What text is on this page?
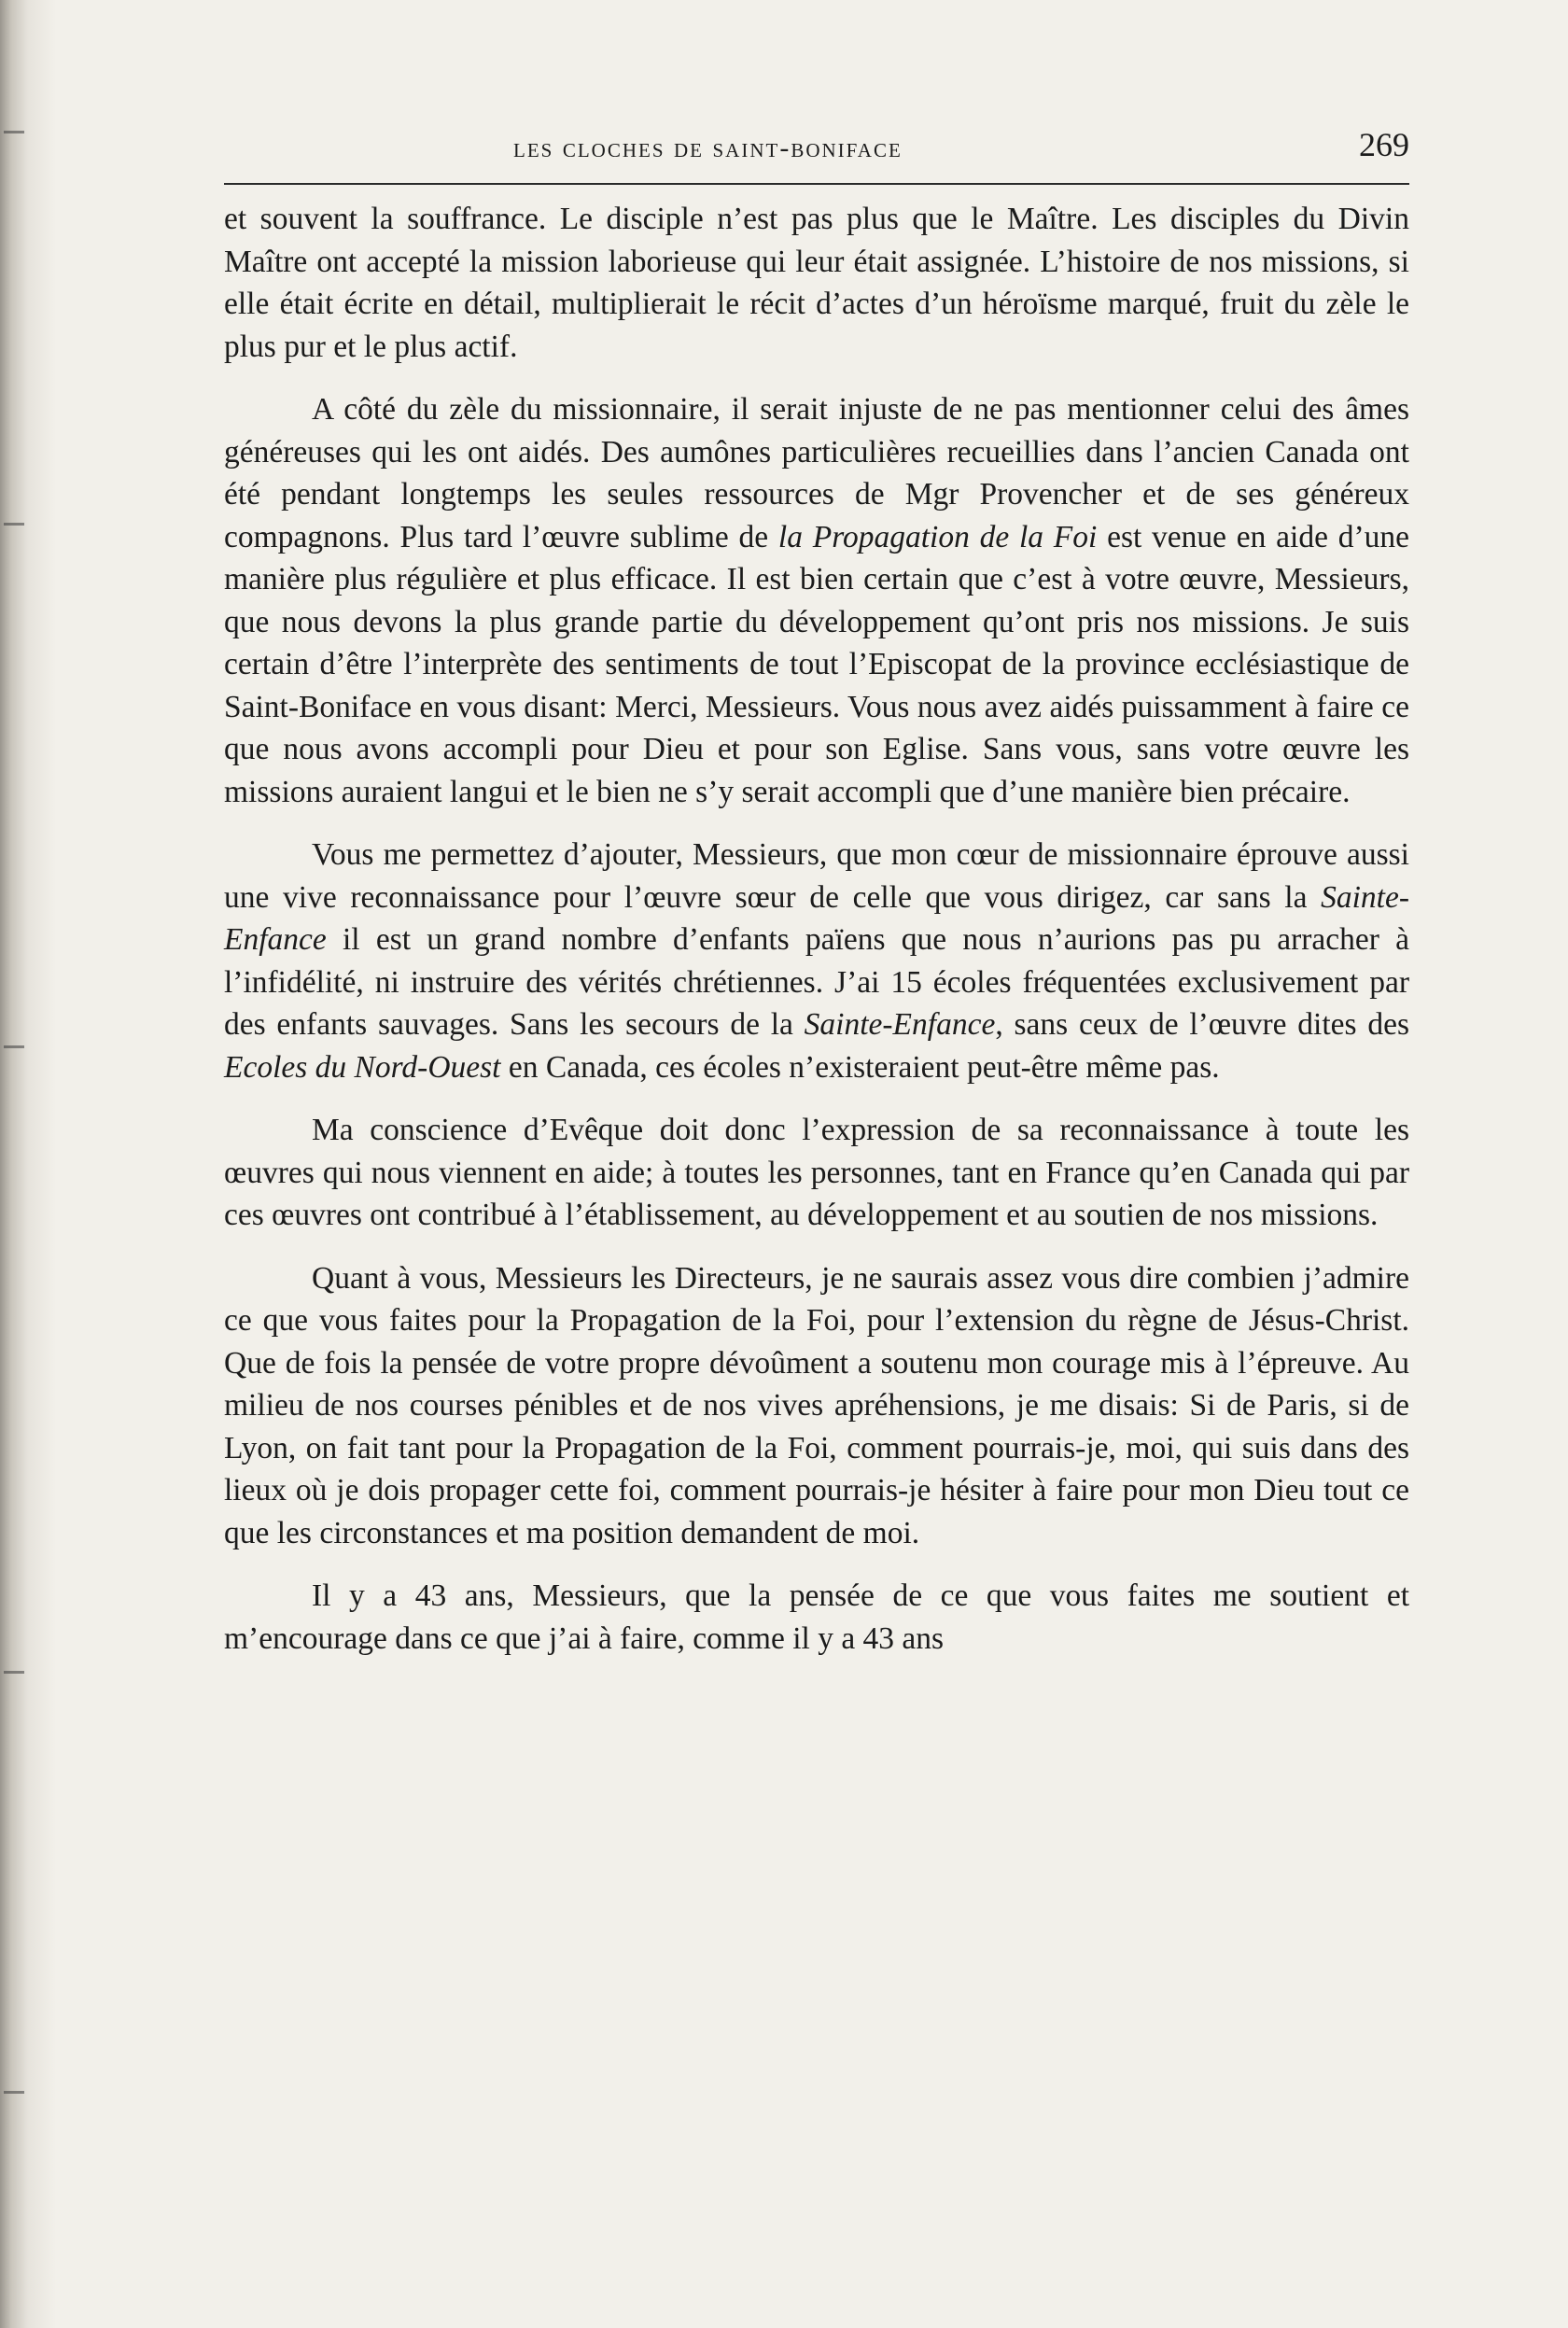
les cloches de saint-boniface	269

et souvent la souffrance. Le disciple n’est pas plus que le Maître. Les disciples du Divin Maître ont accepté la mission laborieuse qui leur était assignée. L’histoire de nos missions, si elle était écrite en détail, multiplierait le récit d’actes d’un héroïsme marqué, fruit du zèle le plus pur et le plus actif.

A côté du zèle du missionnaire, il serait injuste de ne pas mentionner celui des âmes généreuses qui les ont aidés. Des aumônes particulières recueillies dans l’ancien Canada ont été pendant longtemps les seules ressources de Mgr Provencher et de ses généreux compagnons. Plus tard l’œuvre sublime de la Propagation de la Foi est venue en aide d’une manière plus régulière et plus efficace. Il est bien certain que c’est à votre œuvre, Messieurs, que nous devons la plus grande partie du développement qu’ont pris nos missions. Je suis certain d’être l’interprète des sentiments de tout l’Episcopat de la province ecclésiastique de Saint-Boniface en vous disant: Merci, Messieurs. Vous nous avez aidés puissamment à faire ce que nous avons accompli pour Dieu et pour son Eglise. Sans vous, sans votre œuvre les missions auraient langui et le bien ne s’y serait accompli que d’une manière bien précaire.

Vous me permettez d’ajouter, Messieurs, que mon cœur de missionnaire éprouve aussi une vive reconnaissance pour l’œuvre sœur de celle que vous dirigez, car sans la Sainte-Enfance il est un grand nombre d’enfants païens que nous n’aurions pas pu arracher à l’infidélité, ni instruire des vérités chrétiennes. J’ai 15 écoles fréquentées exclusivement par des enfants sauvages. Sans les secours de la Sainte-Enfance, sans ceux de l’œuvre dites des Ecoles du Nord-Ouest en Canada, ces écoles n’existeraient peut-être même pas.

Ma conscience d’Evêque doit donc l’expression de sa reconnaissance à toute les œuvres qui nous viennent en aide; à toutes les personnes, tant en France qu’en Canada qui par ces œuvres ont contribué à l’établissement, au développement et au soutien de nos missions.

Quant à vous, Messieurs les Directeurs, je ne saurais assez vous dire combien j’admire ce que vous faites pour la Propagation de la Foi, pour l’extension du règne de Jésus-Christ. Que de fois la pensée de votre propre dévoûment a soutenu mon courage mis à l’épreuve. Au milieu de nos courses pénibles et de nos vives apréhensions, je me disais: Si de Paris, si de Lyon, on fait tant pour la Propagation de la Foi, comment pourrais-je, moi, qui suis dans des lieux où je dois propager cette foi, comment pourrais-je hésiter à faire pour mon Dieu tout ce que les circonstances et ma position demandent de moi.

Il y a 43 ans, Messieurs, que la pensée de ce que vous faites me soutient et m’encourage dans ce que j’ai à faire, comme il y a 43 ans
